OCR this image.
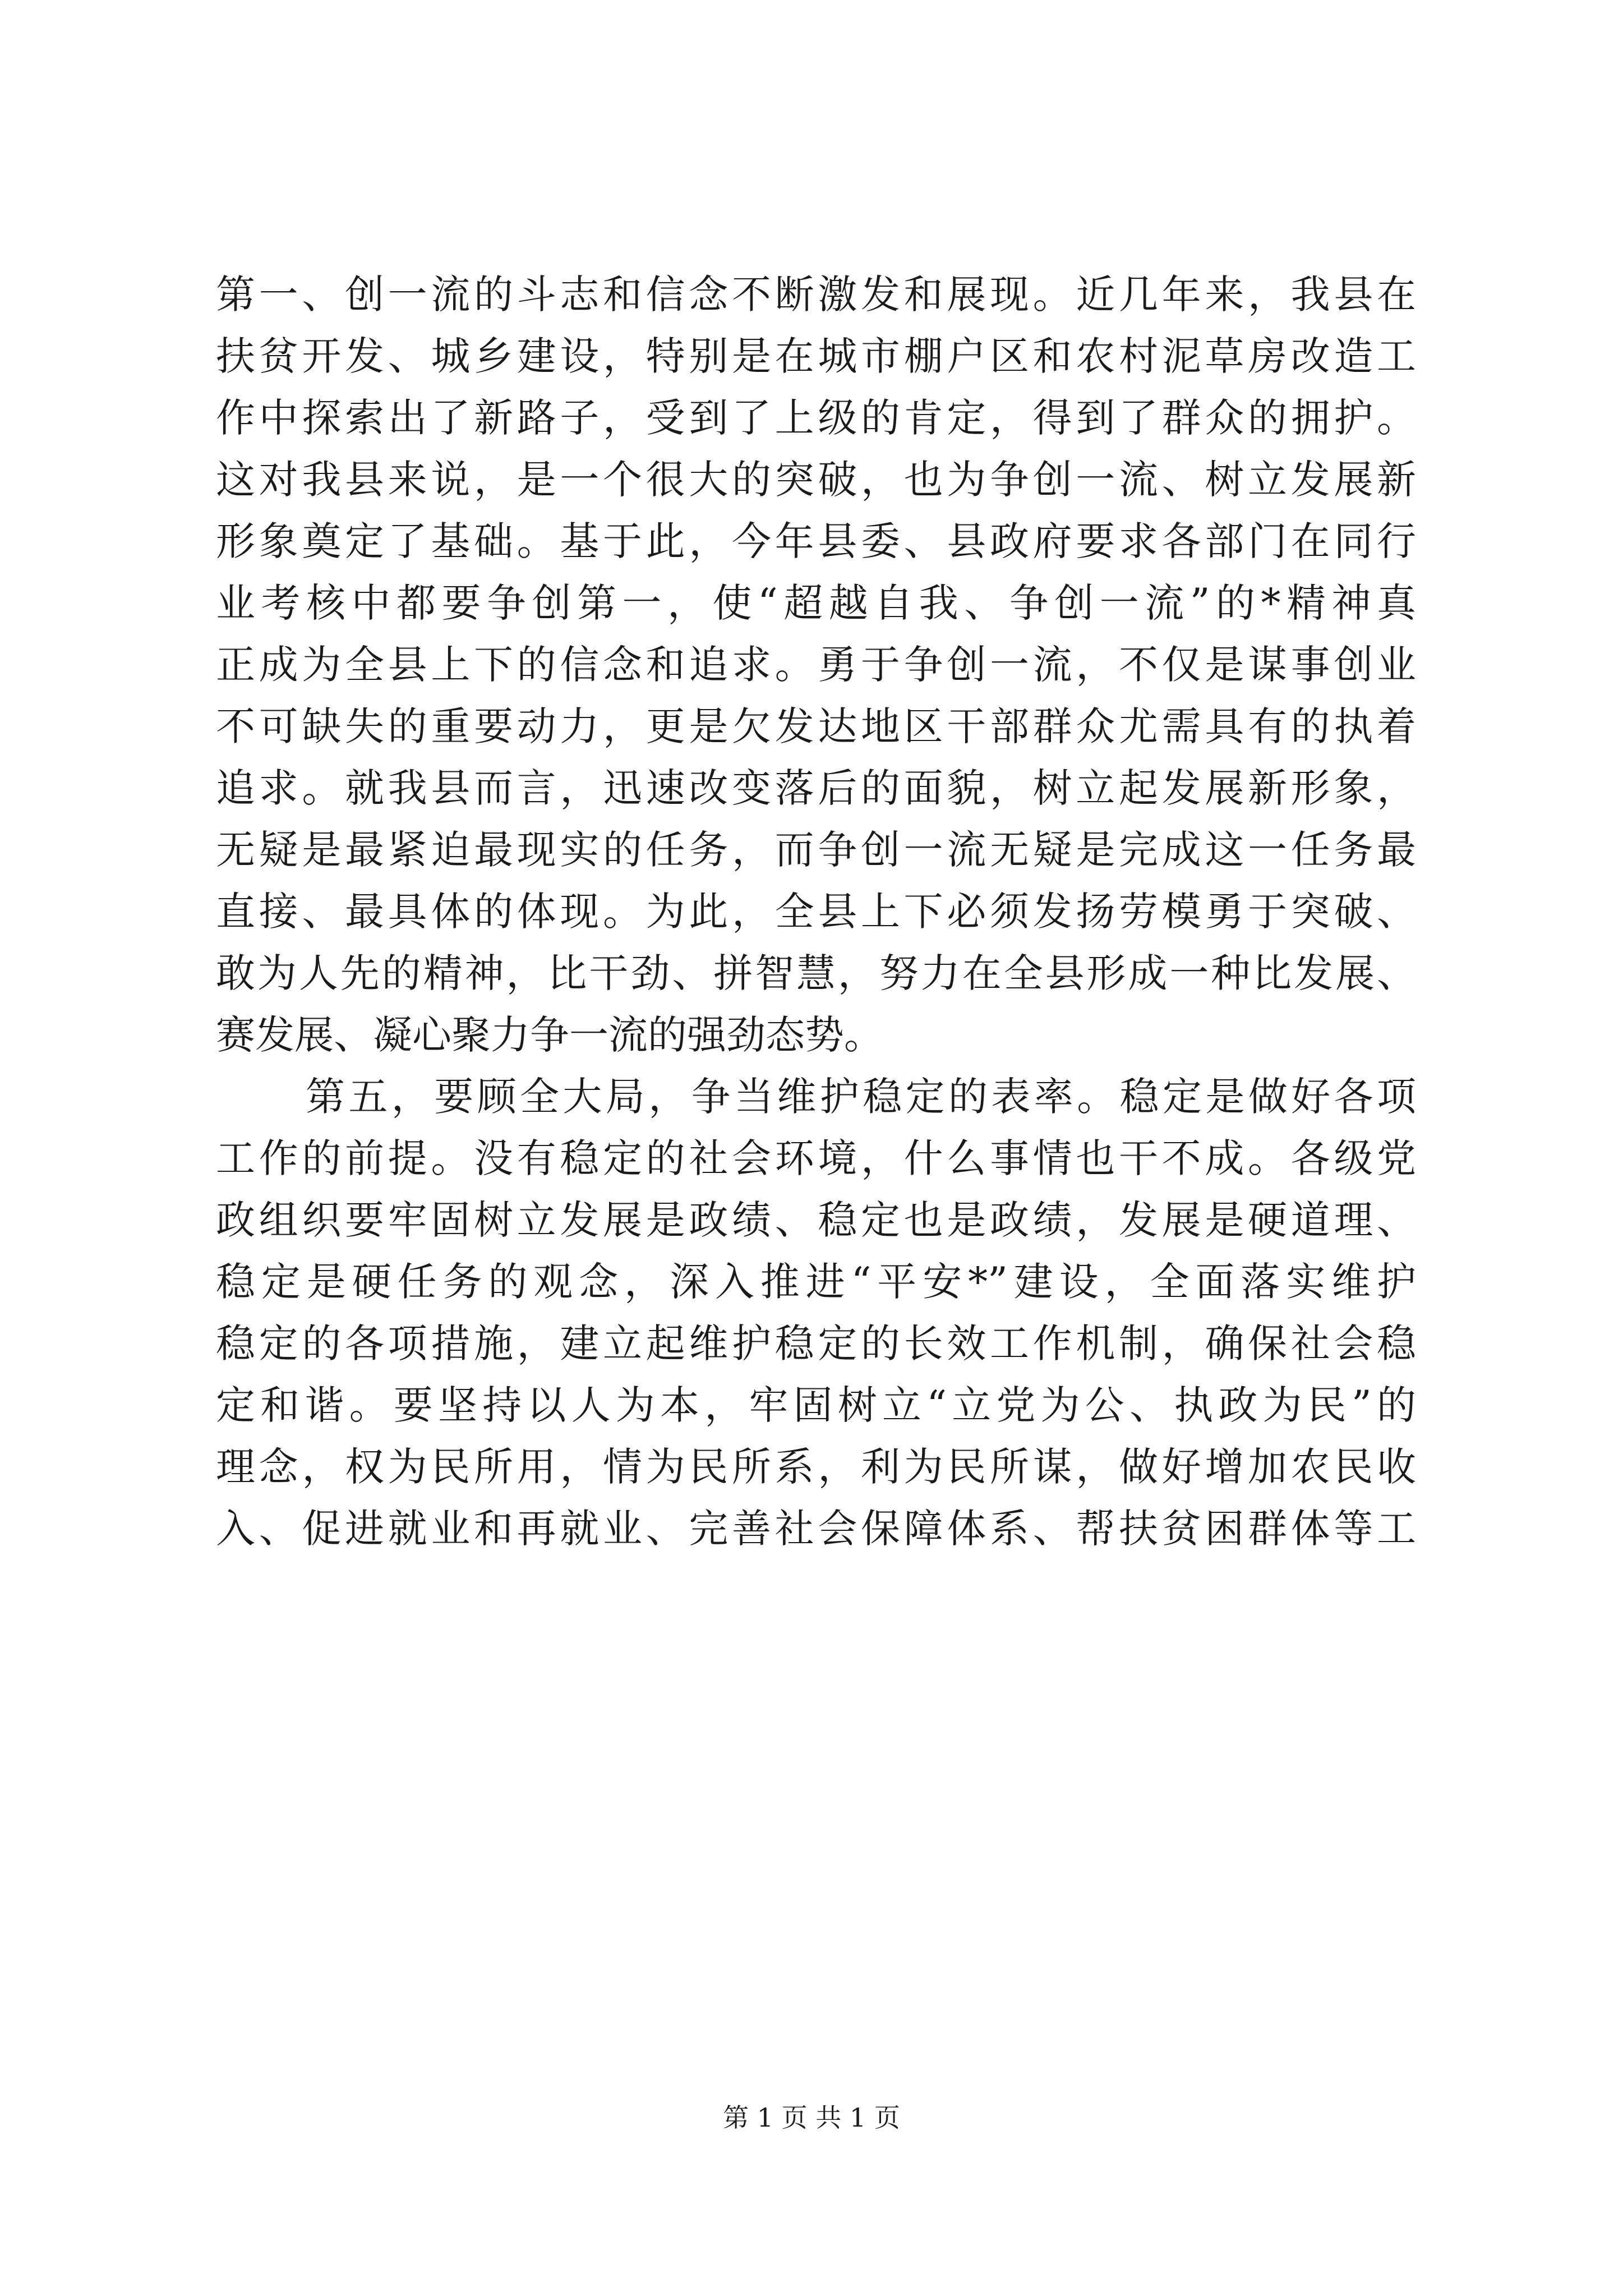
第一、创一流的斗志和信念不断激发和展现。近几年来，我县在
扶贫开发、城乡建设，特别是在城市棚户区和农村泥草房改造工
作中探索出了新路子，受到了上级的肯定，得到了群众的拥护。
这对我县来说，是一个很大的突破，也为争创一流、树立发展新
形象奠定了基础。基于此，今年县委、县政府要求各部门在同行
业考核中都要争创第一，使“超越自我、争创一流”的*精神真
正成为全县上下的信念和追求。勇于争创一流，不仅是谋事创业
不可缺失的重要动力，更是欠发达地区干部群众尤需具有的执着
追求。就我县而言，迅速改变落后的面貌，树立起发展新形象，
无疑是最紧迫最现实的任务，而争创一流无疑是完成这一任务最
直接、最具体的体现。为此，全县上下必须发扬劳模勇于突破、
敢为人先的精神，比干劲、拼智慧，努力在全县形成一种比发展、
赛发展、凝心聚力争一流的强劲态势。
第五，要顾全大局，争当维护稳定的表率。稳定是做好各项
工作的前提。没有稳定的社会环境，什么事情也干不成。各级党
政组织要牢固树立发展是政绩、稳定也是政绩，发展是硬道理、
稳定是硬任务的观念，深入推进“平安*”建设，全面落实维护
稳定的各项措施，建立起维护稳定的长效工作机制，确保社会稳
定和谐。要坚持以人为本，牢固树立“立党为公、执政为民”的
理念，权为民所用，情为民所系，利为民所谋，做好增加农民收
入、促进就业和再就业、完善社会保障体系、帮扶贫困群体等工
第 1 页 共 1 页
